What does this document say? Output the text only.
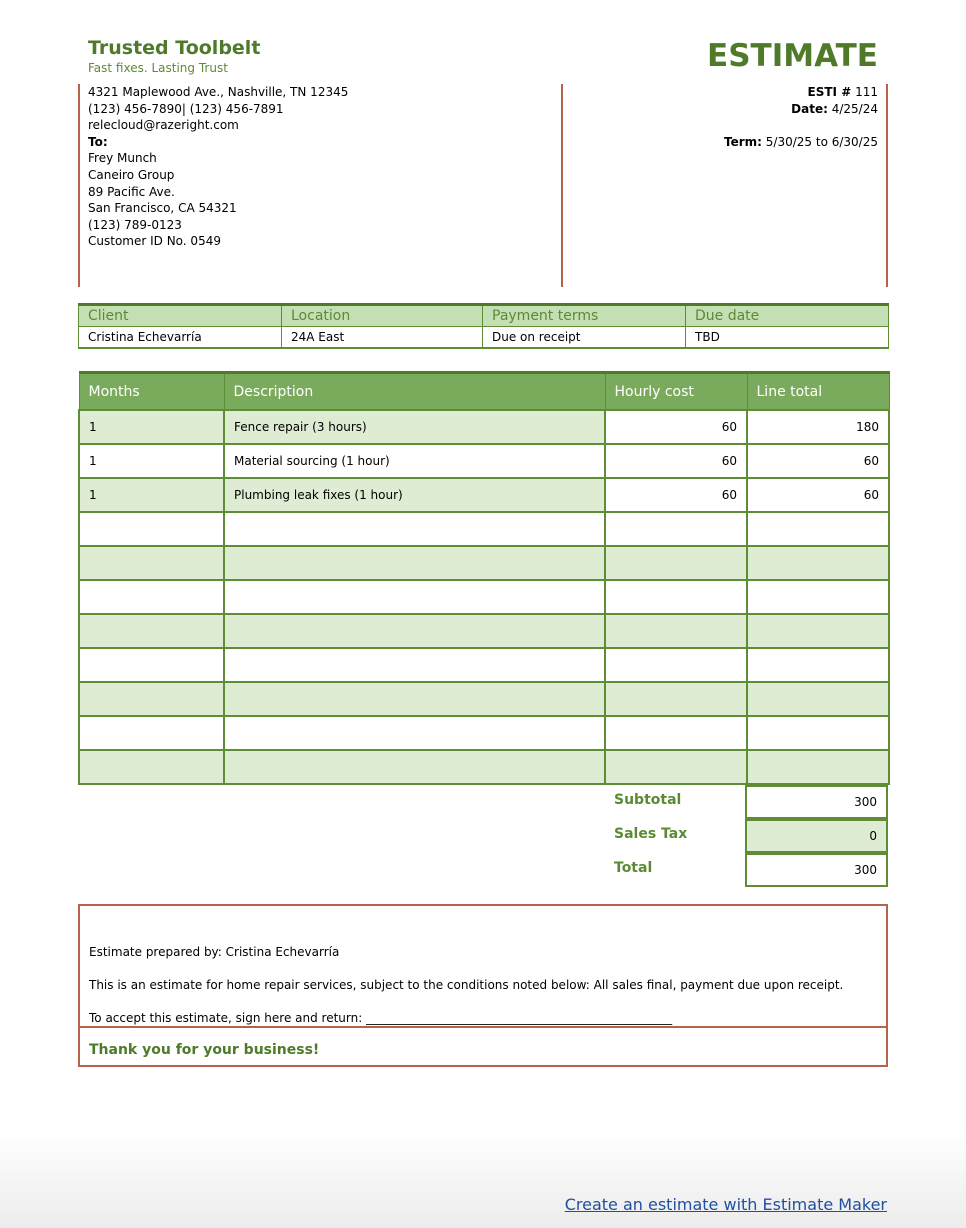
Trusted Toolbelt
Fast fixes. Lasting Trust	ESTIMATE
4321 Maplewood Ave., Nashville, TN 12345
(123) 456-7890| (123) 456-7891
relecloud@razeright.com
To:
Frey Munch
Caneiro Group
89 Pacific Ave.
San Francisco, CA 54321
(123) 789-0123
Customer ID No. 0549
ESTI # 111
Date: 4/25/24
Term: 5/30/25 to 6/30/25
Client	Location	Payment terms	Due date
Cristina Echevarría	24A East	Due on receipt	TBD
Months	Description	Hourly cost	Line total
1	Fence repair (3 hours)	60	180
1	Material sourcing (1 hour)	60	60
1	Plumbing leak fixes (1 hour)	60	60

Subtotal	300
Sales Tax	0
Total	300
Estimate prepared by: Cristina Echevarría
This is an estimate for home repair services, subject to the conditions noted below: All sales final, payment due upon receipt.
To accept this estimate, sign here and return: ___________________________________________________
Thank you for your business!
Create an estimate with Estimate Maker
